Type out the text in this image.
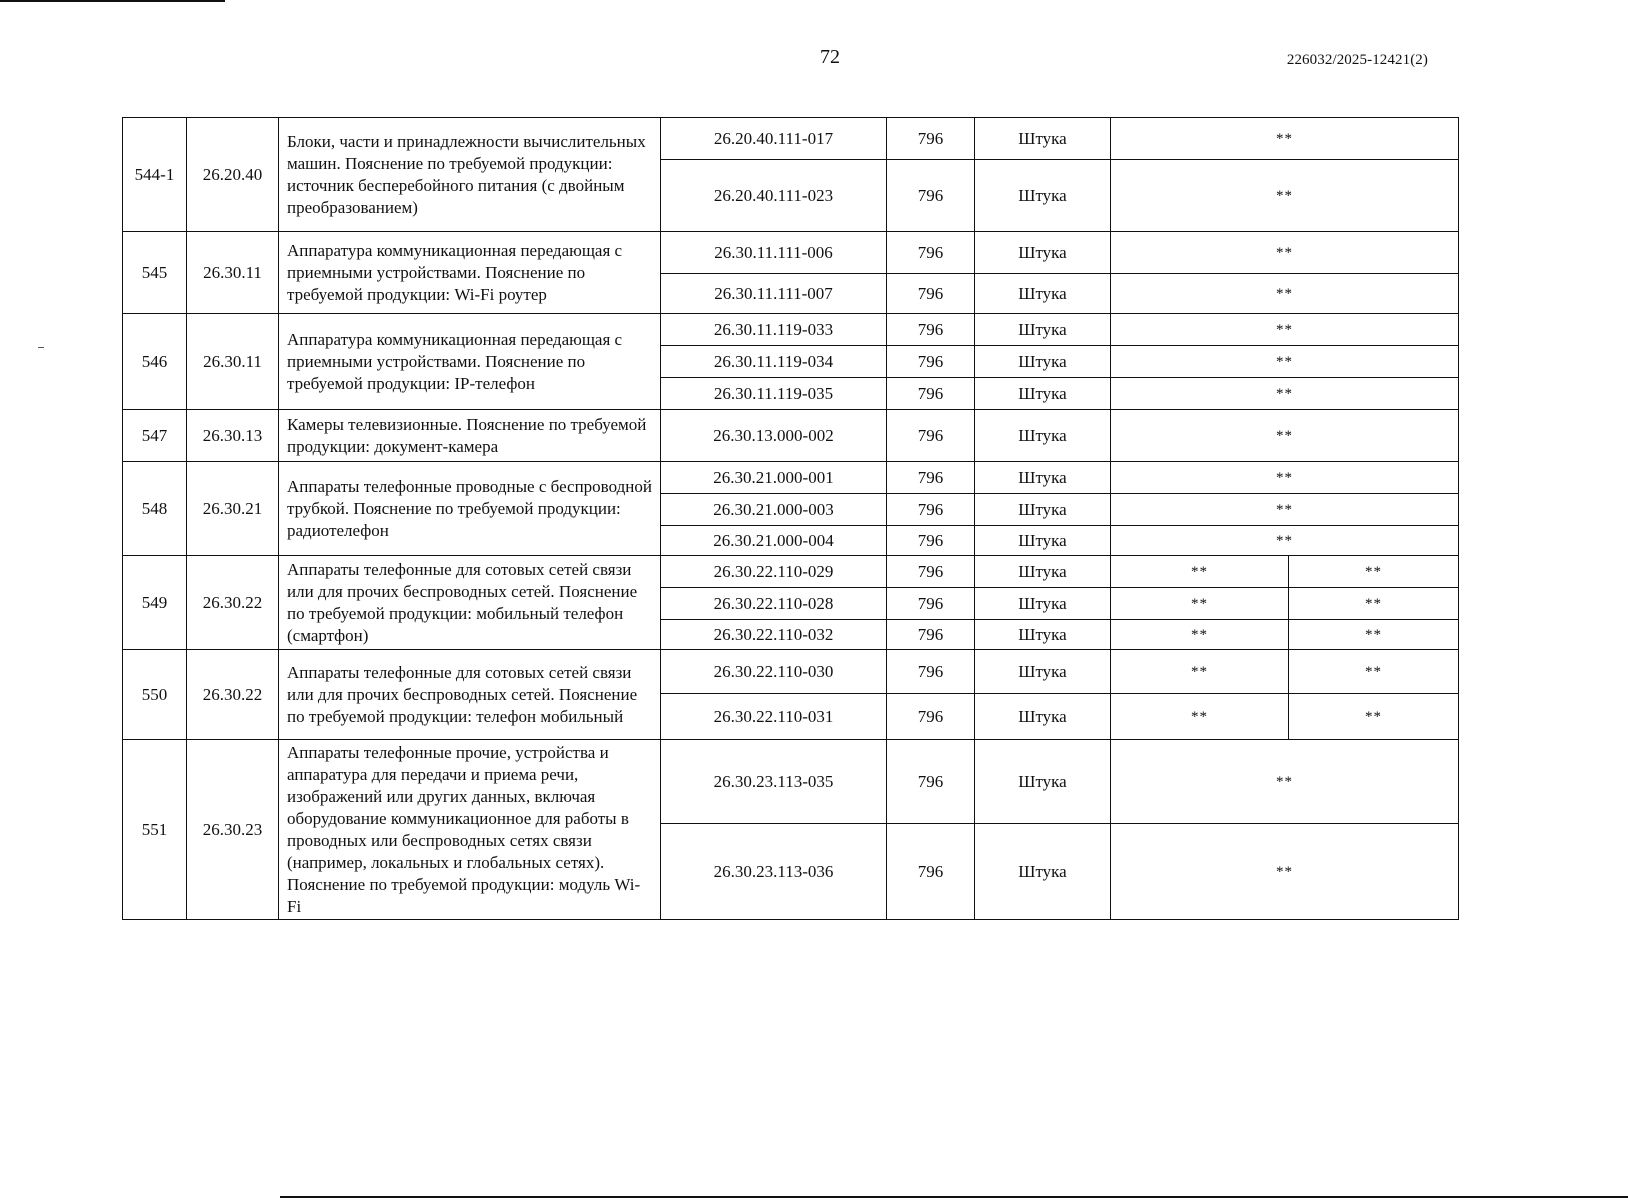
72	226032/2025-12421(2)
544-1	26.20.40	Блоки, части и принадлежности вычислительных машин. Пояснение по требуемой продукции: источник бесперебойного питания (с двойным преобразованием)	26.20.40.111-017	796	Штука	**	
			26.20.40.111-023	796	Штука	**	
545	26.30.11	Аппаратура коммуникационная передающая с приемными устройствами. Пояснение по требуемой продукции: Wi-Fi роутер	26.30.11.111-006	796	Штука	**	
			26.30.11.111-007	796	Штука	**	
546	26.30.11	Аппаратура коммуникационная передающая с приемными устройствами. Пояснение по требуемой продукции: IP-телефон	26.30.11.119-033	796	Штука	**	
			26.30.11.119-034	796	Штука	**	
			26.30.11.119-035	796	Штука	**	
547	26.30.13	Камеры телевизионные. Пояснение по требуемой продукции: документ-камера	26.30.13.000-002	796	Штука	**	
548	26.30.21	Аппараты телефонные проводные с беспроводной трубкой. Пояснение по требуемой продукции: радиотелефон	26.30.21.000-001	796	Штука	**	
			26.30.21.000-003	796	Штука	**	
			26.30.21.000-004	796	Штука	**	
549	26.30.22	Аппараты телефонные для сотовых сетей связи или для прочих беспроводных сетей. Пояснение по требуемой продукции: мобильный телефон (смартфон)	26.30.22.110-029	796	Штука	**	**
			26.30.22.110-028	796	Штука	**	**
			26.30.22.110-032	796	Штука	**	**
550	26.30.22	Аппараты телефонные для сотовых сетей связи или для прочих беспроводных сетей. Пояснение по требуемой продукции: телефон мобильный	26.30.22.110-030	796	Штука	**	**
			26.30.22.110-031	796	Штука	**	**
551	26.30.23	Аппараты телефонные прочие, устройства и аппаратура для передачи и приема речи, изображений или других данных, включая оборудование коммуникационное для работы в проводных или беспроводных сетях связи (например, локальных и глобальных сетях). Пояснение по требуемой продукции: модуль Wi-Fi	26.30.23.113-035	796	Штука	**	
			26.30.23.113-036	796	Штука	**	
